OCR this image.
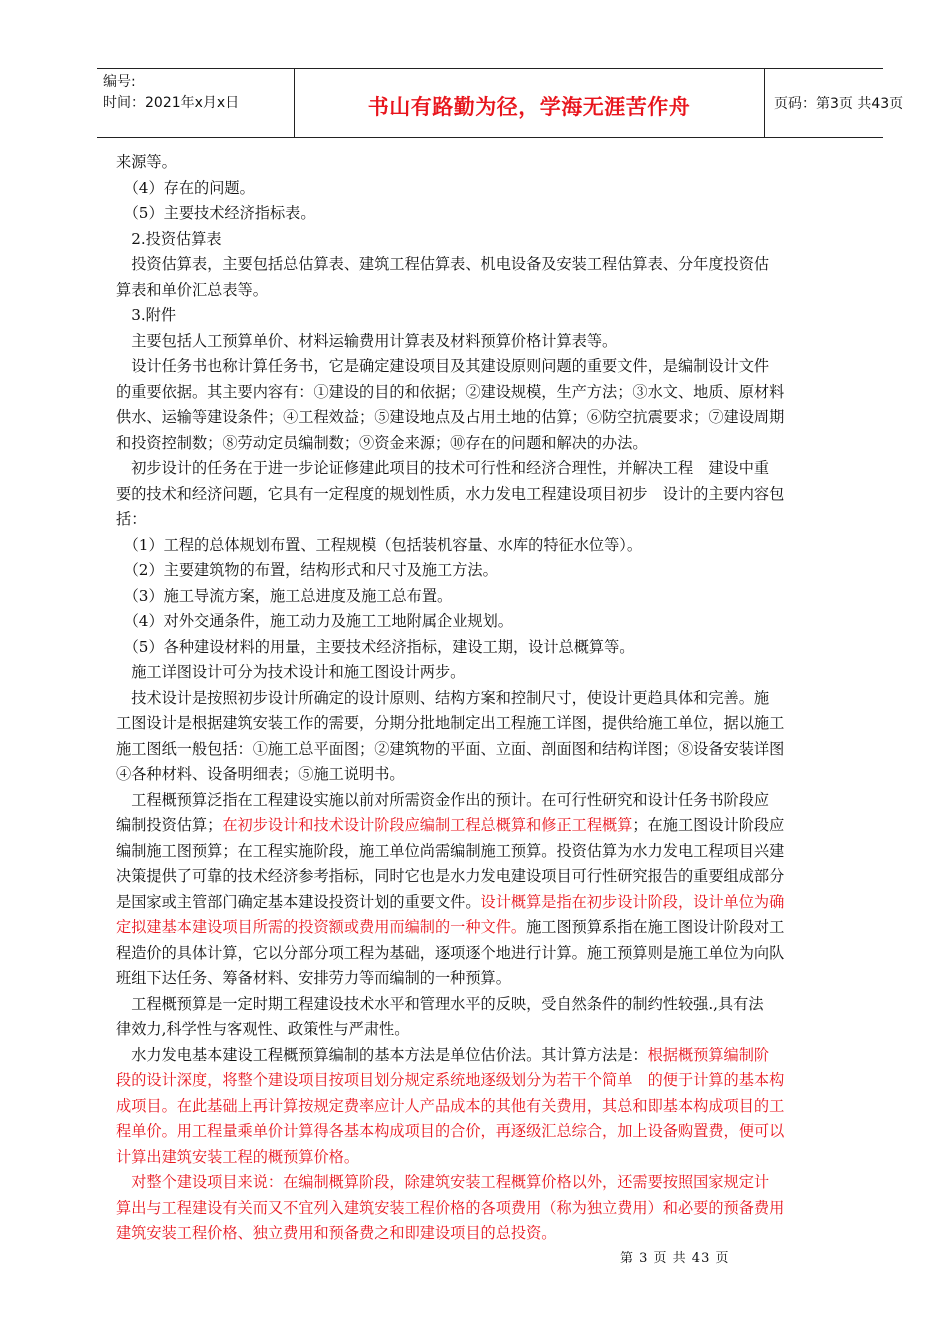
编号:
时间：2021年x月x日	书山有路勤为径，学海无涯苦作舟	页码：第3页 共43页
来源等。
　（4）存在的问题。
　（5）主要技术经济指标表。
　2.投资估算表
　投资估算表，主要包括总估算表、建筑工程估算表、机电设备及安装工程估算表、分年度投资估
算表和单价汇总表等。
　3.附件
　主要包括人工预算单价、材料运输费用计算表及材料预算价格计算表等。
　设计任务书也称计算任务书，它是确定建设项目及其建设原则问题的重要文件，是编制设计文件
的重要依据。其主要内容有：①建设的目的和依据；②建设规模，生产方法；③水文、地质、原材料
供水、运输等建设条件；④工程效益；⑤建设地点及占用土地的估算；⑥防空抗震要求；⑦建设周期
和投资控制数；⑧劳动定员编制数；⑨资金来源；⑩存在的问题和解决的办法。
　初步设计的任务在于进一步论证修建此项目的技术可行性和经济合理性，并解决工程　建设中重
要的技术和经济问题，它具有一定程度的规划性质，水力发电工程建设项目初步　设计的主要内容包
括：
　（1）工程的总体规划布置、工程规模（包括装机容量、水库的特征水位等）。
　（2）主要建筑物的布置，结构形式和尺寸及施工方法。
　（3）施工导流方案，施工总进度及施工总布置。
　（4）对外交通条件，施工动力及施工工地附属企业规划。
　（5）各种建设材料的用量，主要技术经济指标，建设工期，设计总概算等。
　施工详图设计可分为技术设计和施工图设计两步。
　技术设计是按照初步设计所确定的设计原则、结构方案和控制尺寸，使设计更趋具体和完善。施
工图设计是根据建筑安装工作的需要，分期分批地制定出工程施工详图，提供给施工单位，据以施工
施工图纸一般包括：①施工总平面图；②建筑物的平面、立面、剖面图和结构详图；⑧设备安装详图
④各种材料、设备明细表；⑤施工说明书。
　工程概预算泛指在工程建设实施以前对所需资金作出的预计。在可行性研究和设计任务书阶段应
编制投资估算；在初步设计和技术设计阶段应编制工程总概算和修正工程概算；在施工图设计阶段应
编制施工图预算；在工程实施阶段，施工单位尚需编制施工预算。投资估算为水力发电工程项目兴建
决策提供了可靠的技术经济参考指标，同时它也是水力发电建设项目可行性研究报告的重要组成部分
是国家或主管部门确定基本建设投资计划的重要文件。设计概算是指在初步设计阶段，设计单位为确
定拟建基本建设项目所需的投资额或费用而编制的一种文件。施工图预算系指在施工图设计阶段对工
程造价的具体计算，它以分部分项工程为基础，逐项逐个地进行计算。施工预算则是施工单位为向队
班组下达任务、筹备材料、安排劳力等而编制的一种预算。
　工程概预算是一定时期工程建设技术水平和管理水平的反映，受自然条件的制约性较强.,具有法
律效力,科学性与客观性、政策性与严肃性。
　水力发电基本建设工程概预算编制的基本方法是单位估价法。其计算方法是：根据概预算编制阶
段的设计深度，将整个建设项目按项目划分规定系统地逐级划分为若干个简单　的便于计算的基本构
成项目。在此基础上再计算按规定费率应计人产品成本的其他有关费用，其总和即基本构成项目的工
程单价。用工程量乘单价计算得各基本构成项目的合价，再逐级汇总综合，加上设备购置费，便可以
计算出建筑安装工程的概预算价格。
　对整个建设项目来说：在编制概算阶段，除建筑安装工程概算价格以外，还需要按照国家规定计
算出与工程建设有关而又不宜列入建筑安装工程价格的各项费用（称为独立费用）和必要的预备费用
建筑安装工程价格、独立费用和预备费之和即建设项目的总投资。
第 3 页 共 43 页
